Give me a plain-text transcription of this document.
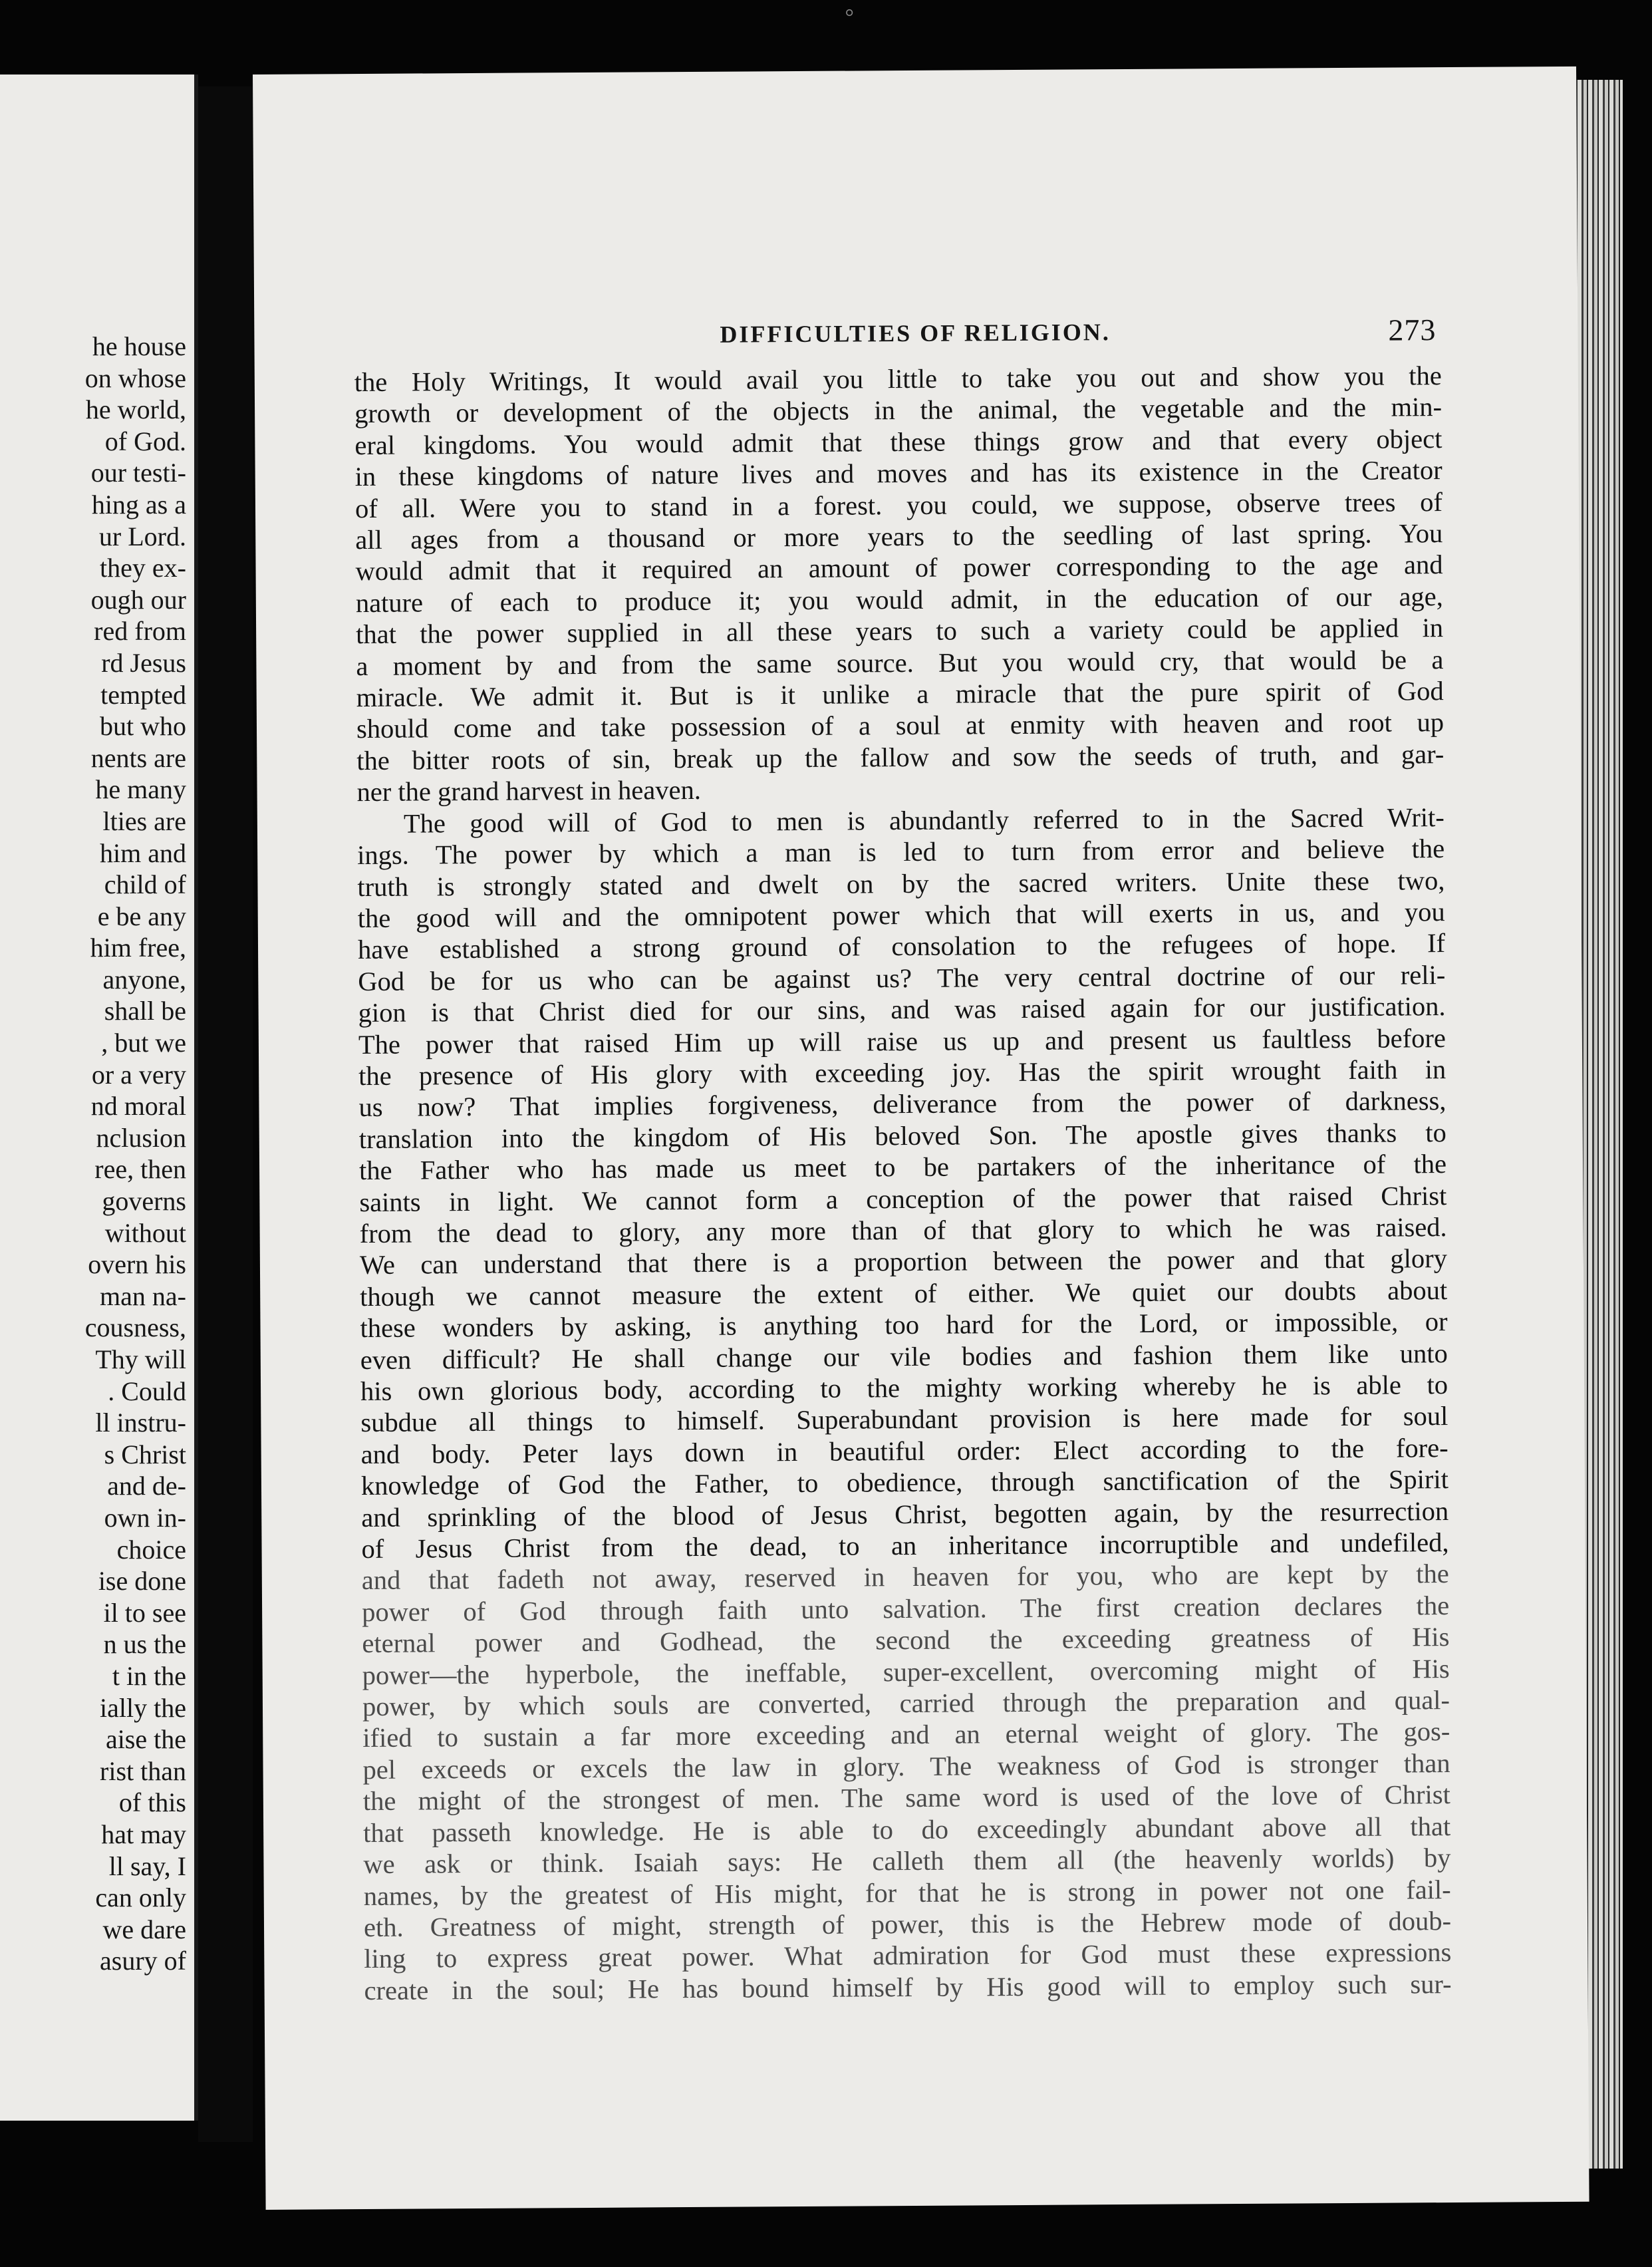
⚪
he house
on whose
he world,
of God.
our testi-
hing as a
ur Lord.
they ex-
ough our
red from
rd Jesus
tempted
but who
nents are
he many
lties are
him and
child of
e be any
him free,
anyone,
shall be
, but we
or a very
nd moral
nclusion
ree, then
governs
without
overn his
man na-
cousness,
Thy will
. Could
ll instru-
s Christ
and de-
own in-
choice
ise done
il to see
n us the
t in the
ially the
aise the
rist than
of this
hat may
ll say, I
can only
we dare
asury of
DIFFICULTIES OF RELIGION.	273
the Holy Writings, It would avail you little to take you out and show you the
growth or development of the objects in the animal, the vegetable and the min-
eral kingdoms. You would admit that these things grow and that every object
in these kingdoms of nature lives and moves and has its existence in the Creator
of all. Were you to stand in a forest. you could, we suppose, observe trees of
all ages from a thousand or more years to the seedling of last spring. You
would admit that it required an amount of power corresponding to the age and
nature of each to produce it; you would admit, in the education of our age,
that the power supplied in all these years to such a variety could be applied in
a moment by and from the same source. But you would cry, that would be a
miracle. We admit it. But is it unlike a miracle that the pure spirit of God
should come and take possession of a soul at enmity with heaven and root up
the bitter roots of sin, break up the fallow and sow the seeds of truth, and gar-
ner the grand harvest in heaven.
The good will of God to men is abundantly referred to in the Sacred Writ-
ings. The power by which a man is led to turn from error and believe the
truth is strongly stated and dwelt on by the sacred writers. Unite these two,
the good will and the omnipotent power which that will exerts in us, and you
have established a strong ground of consolation to the refugees of hope. If
God be for us who can be against us? The very central doctrine of our reli-
gion is that Christ died for our sins, and was raised again for our justification.
The power that raised Him up will raise us up and present us faultless before
the presence of His glory with exceeding joy. Has the spirit wrought faith in
us now? That implies forgiveness, deliverance from the power of darkness,
translation into the kingdom of His beloved Son. The apostle gives thanks to
the Father who has made us meet to be partakers of the inheritance of the
saints in light. We cannot form a conception of the power that raised Christ
from the dead to glory, any more than of that glory to which he was raised.
We can understand that there is a proportion between the power and that glory
though we cannot measure the extent of either. We quiet our doubts about
these wonders by asking, is anything too hard for the Lord, or impossible, or
even difficult? He shall change our vile bodies and fashion them like unto
his own glorious body, according to the mighty working whereby he is able to
subdue all things to himself. Superabundant provision is here made for soul
and body. Peter lays down in beautiful order: Elect according to the fore-
knowledge of God the Father, to obedience, through sanctification of the Spirit
and sprinkling of the blood of Jesus Christ, begotten again, by the resurrection
of Jesus Christ from the dead, to an inheritance incorruptible and undefiled,
and that fadeth not away, reserved in heaven for you, who are kept by the
power of God through faith unto salvation. The first creation declares the
eternal power and Godhead, the second the exceeding greatness of His
power—the hyperbole, the ineffable, super-excellent, overcoming might of His
power, by which souls are converted, carried through the preparation and qual-
ified to sustain a far more exceeding and an eternal weight of glory. The gos-
pel exceeds or excels the law in glory. The weakness of God is stronger than
the might of the strongest of men. The same word is used of the love of Christ
that passeth knowledge. He is able to do exceedingly abundant above all that
we ask or think. Isaiah says: He calleth them all (the heavenly worlds) by
names, by the greatest of His might, for that he is strong in power not one fail-
eth. Greatness of might, strength of power, this is the Hebrew mode of doub-
ling to express great power. What admiration for God must these expressions
create in the soul; He has bound himself by His good will to employ such sur-
